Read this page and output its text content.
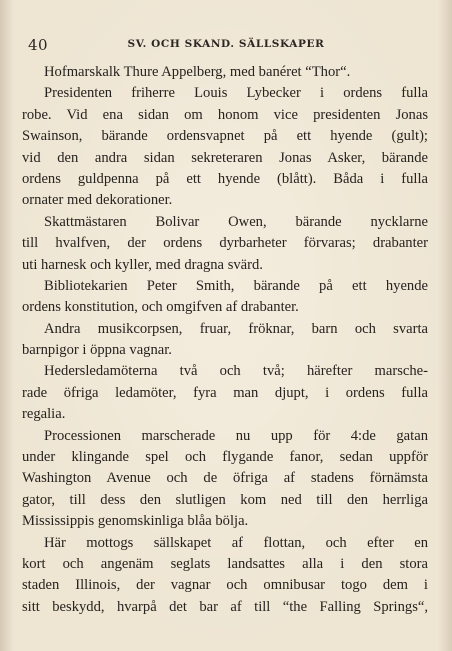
40	SV. OCH SKAND. SÄLLSKAPER
Hofmarskalk Thure Appelberg, med banéret “Thor“.
Presidenten friherre Louis Lybecker i ordens fulla
robe. Vid ena sidan om honom vice presidenten Jonas
Swainson, bärande ordensvapnet på ett hyende (gult);
vid den andra sidan sekreteraren Jonas Asker, bärande
ordens guldpenna på ett hyende (blått). Båda i fulla
ornater med dekorationer.
Skattmästaren Bolivar Owen, bärande nycklarne
till hvalfven, der ordens dyrbarheter förvaras; drabanter
uti harnesk och kyller, med dragna svärd.
Bibliotekarien Peter Smith, bärande på ett hyende
ordens konstitution, och omgifven af drabanter.
Andra musikcorpsen, fruar, fröknar, barn och svarta
barnpigor i öppna vagnar.
Hedersledamöterna två och två; härefter marsche-
rade öfriga ledamöter, fyra man djupt, i ordens fulla
regalia.
Processionen marscherade nu upp för 4:de gatan
under klingande spel och flygande fanor, sedan uppför
Washington Avenue och de öfriga af stadens förnämsta
gator, till dess den slutligen kom ned till den herrliga
Mississippis genomskinliga blåa bölja.
Här mottogs sällskapet af flottan, och efter en
kort och angenäm seglats landsattes alla i den stora
staden Illinois, der vagnar och omnibusar togo dem i
sitt beskydd, hvarpå det bar af till “the Falling Springs“,
